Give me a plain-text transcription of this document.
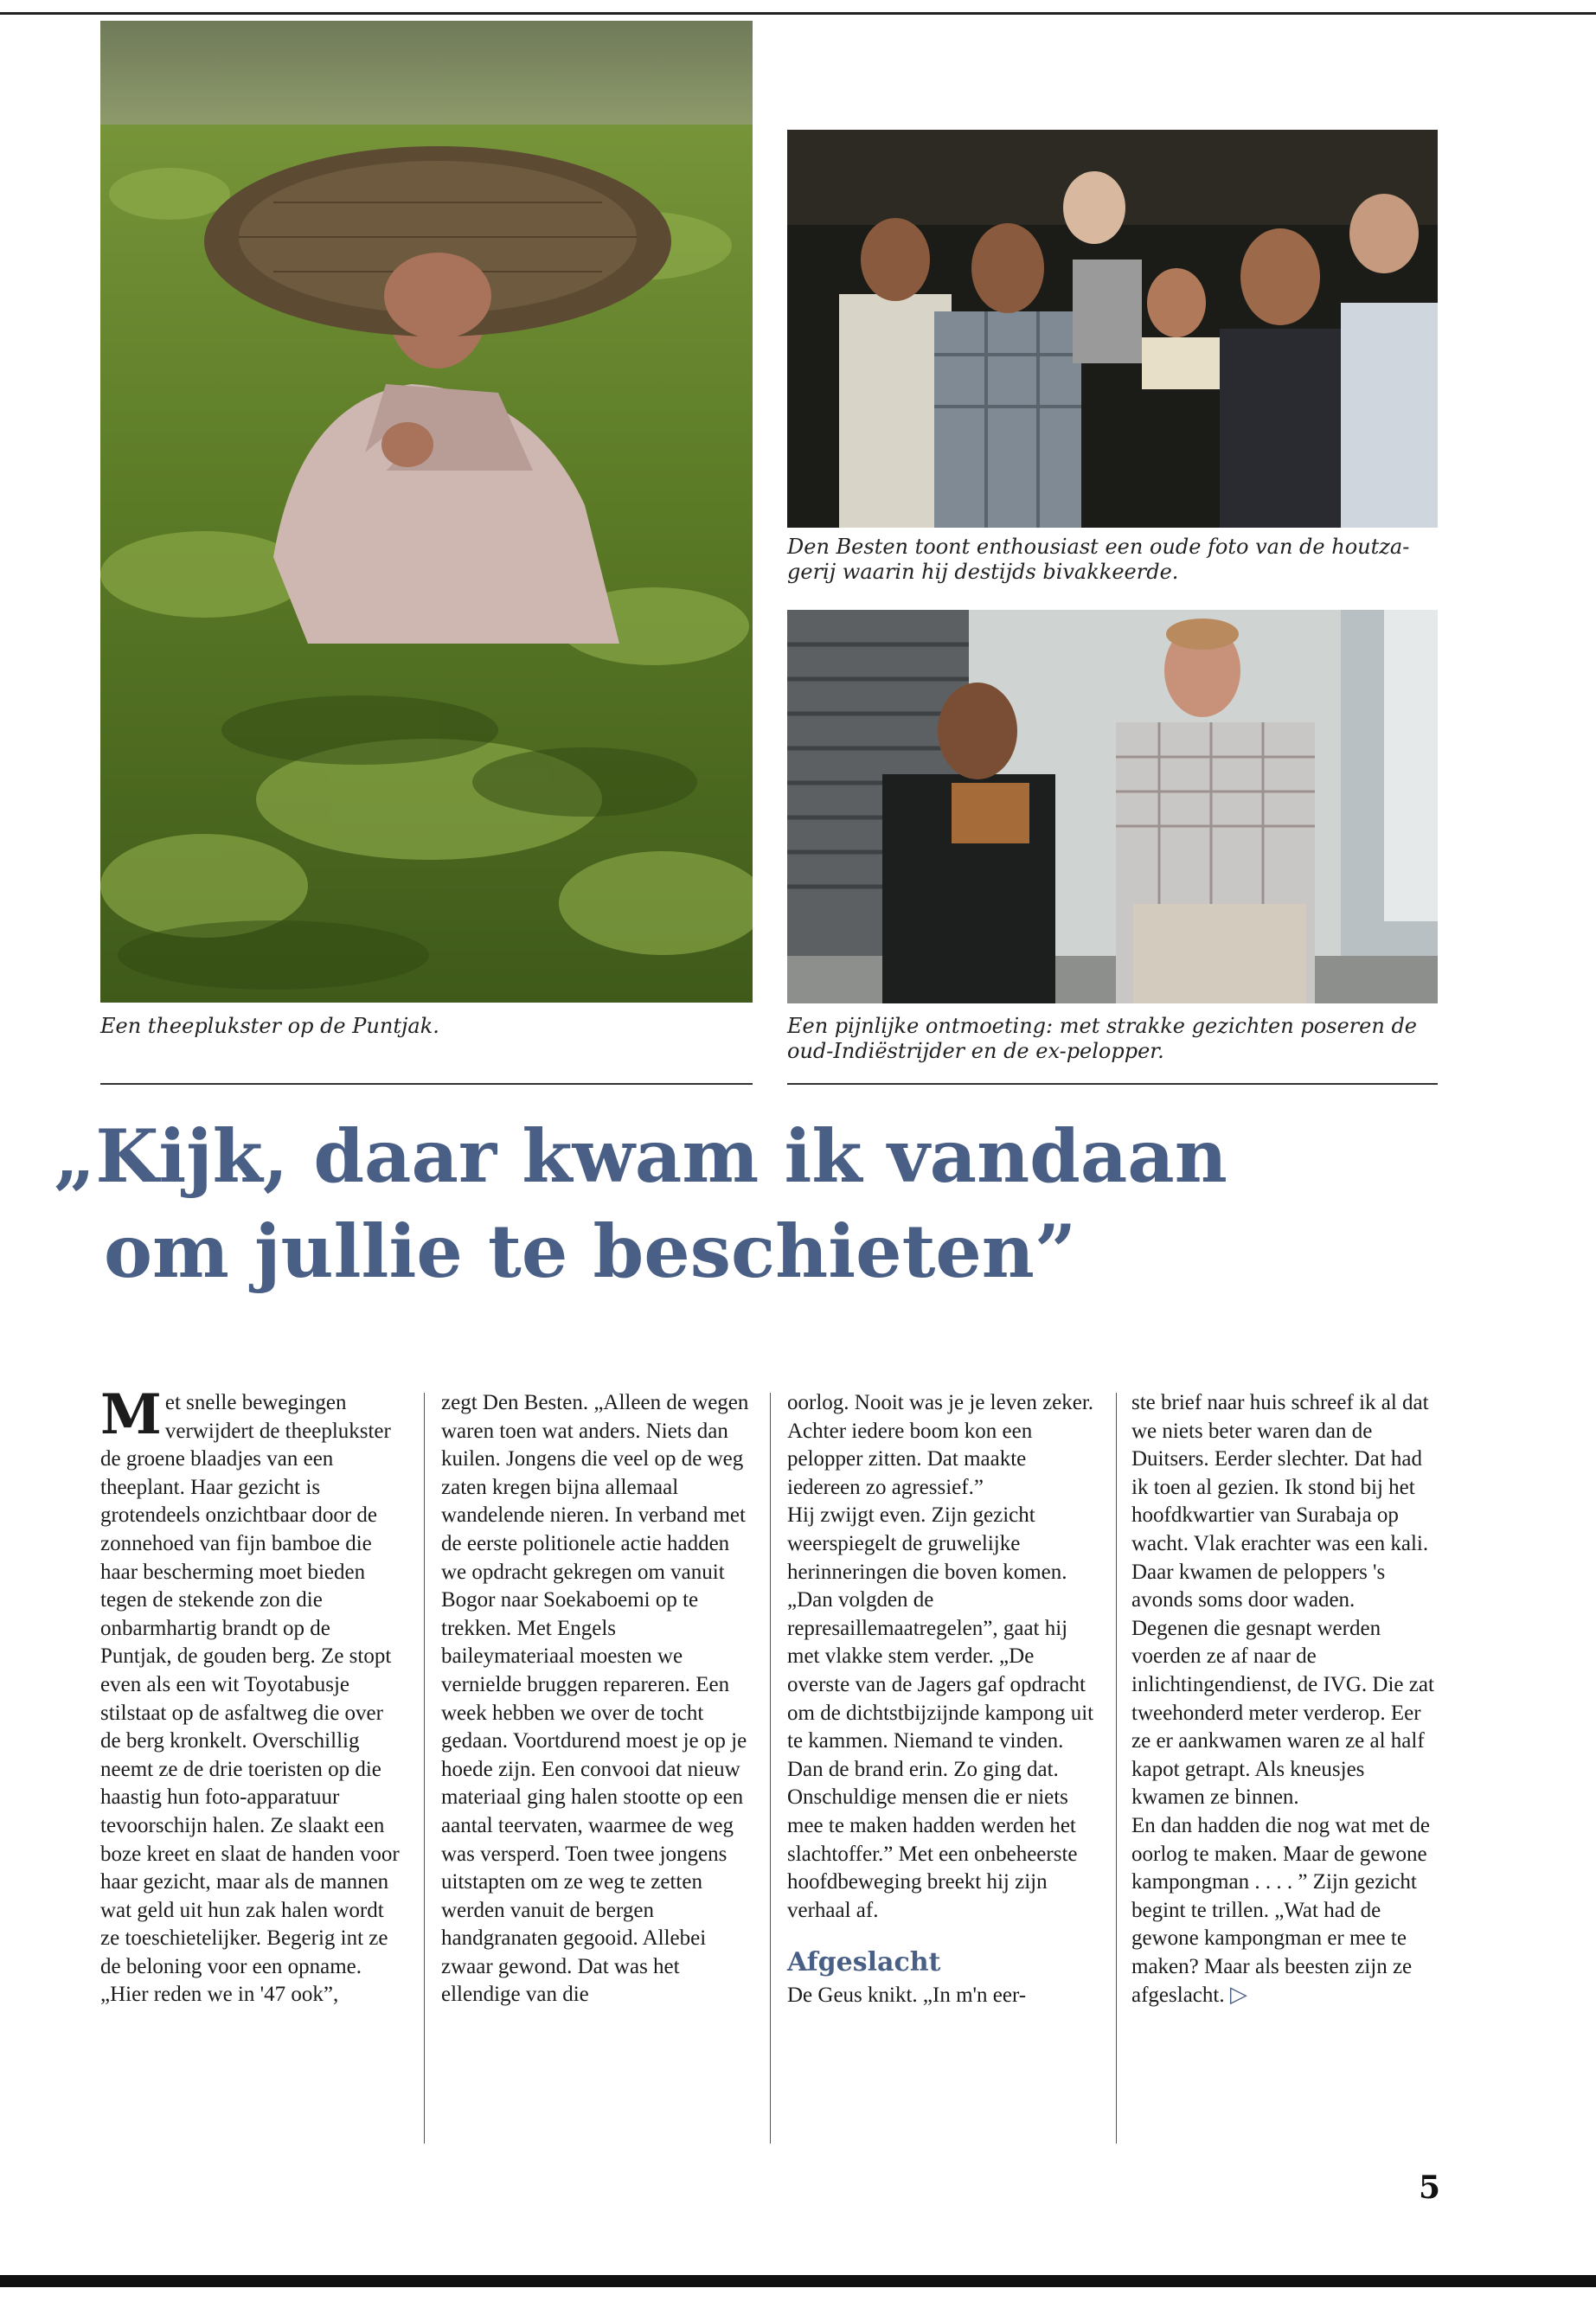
Den Besten toont enthousiast een oude foto van de houtza-gerij waarin hij destijds bivakkeerde.
Een theeplukster op de Puntjak.	Een pijnlijke ontmoeting: met strakke gezichten poseren de oud-Indiëstrijder en de ex-pelopper.
„Kijk, daar kwam ik vandaan
om jullie te beschieten”

Met snelle bewegingen verwijdert de theeplukster de groene blaadjes van een theeplant. Haar gezicht is grotendeels onzichtbaar door de zonnehoed van fijn bamboe die haar bescherming moet bieden tegen de stekende zon die onbarmhartig brandt op de Puntjak, de gouden berg. Ze stopt even als een wit Toyotabusje stilstaat op de asfaltweg die over de berg kronkelt. Overschillig neemt ze de drie toeristen op die haastig hun foto-apparatuur tevoorschijn halen. Ze slaakt een boze kreet en slaat de handen voor haar gezicht, maar als de mannen wat geld uit hun zak halen wordt ze toeschietelijker. Begerig int ze de beloning voor een opname.

„Hier reden we in '47 ook”,

zegt Den Besten. „Alleen de wegen waren toen wat anders. Niets dan kuilen. Jongens die veel op de weg zaten kregen bijna allemaal wandelende nieren. In verband met de eerste politionele actie hadden we opdracht gekregen om vanuit Bogor naar Soekaboemi op te trekken. Met Engels baileymateriaal moesten we vernielde bruggen repareren. Een week hebben we over de tocht gedaan. Voortdurend moest je op je hoede zijn. Een convooi dat nieuw materiaal ging halen stootte op een aantal teervaten, waarmee de weg was versperd. Toen twee jongens uitstapten om ze weg te zetten werden vanuit de bergen handgranaten gegooid. Allebei zwaar gewond. Dat was het ellendige van die

oorlog. Nooit was je je leven zeker. Achter iedere boom kon een pelopper zitten. Dat maakte iedereen zo agressief.”

Hij zwijgt even. Zijn gezicht weerspiegelt de gruwelijke herinneringen die boven komen. „Dan volgden de represaillemaatregelen”, gaat hij met vlakke stem verder. „De overste van de Jagers gaf opdracht om de dichtstbijzijnde kampong uit te kammen. Niemand te vinden. Dan de brand erin. Zo ging dat. Onschuldige mensen die er niets mee te maken hadden werden het slachtoffer.” Met een onbeheerste hoofdbeweging breekt hij zijn verhaal af.

Afgeslacht

De Geus knikt. „In m'n eer-

ste brief naar huis schreef ik al dat we niets beter waren dan de Duitsers. Eerder slechter. Dat had ik toen al gezien. Ik stond bij het hoofdkwartier van Surabaja op wacht. Vlak erachter was een kali. Daar kwamen de peloppers 's avonds soms door waden. Degenen die gesnapt werden voerden ze af naar de inlichtingendienst, de IVG. Die zat tweehonderd meter verderop. Eer ze er aankwamen waren ze al half kapot getrapt. Als kneusjes kwamen ze binnen.

En dan hadden die nog wat met de oorlog te maken. Maar de gewone kampongman . . . . ” Zijn gezicht begint te trillen. „Wat had de gewone kampongman er mee te maken? Maar als beesten zijn ze afgeslacht. ▷

5
